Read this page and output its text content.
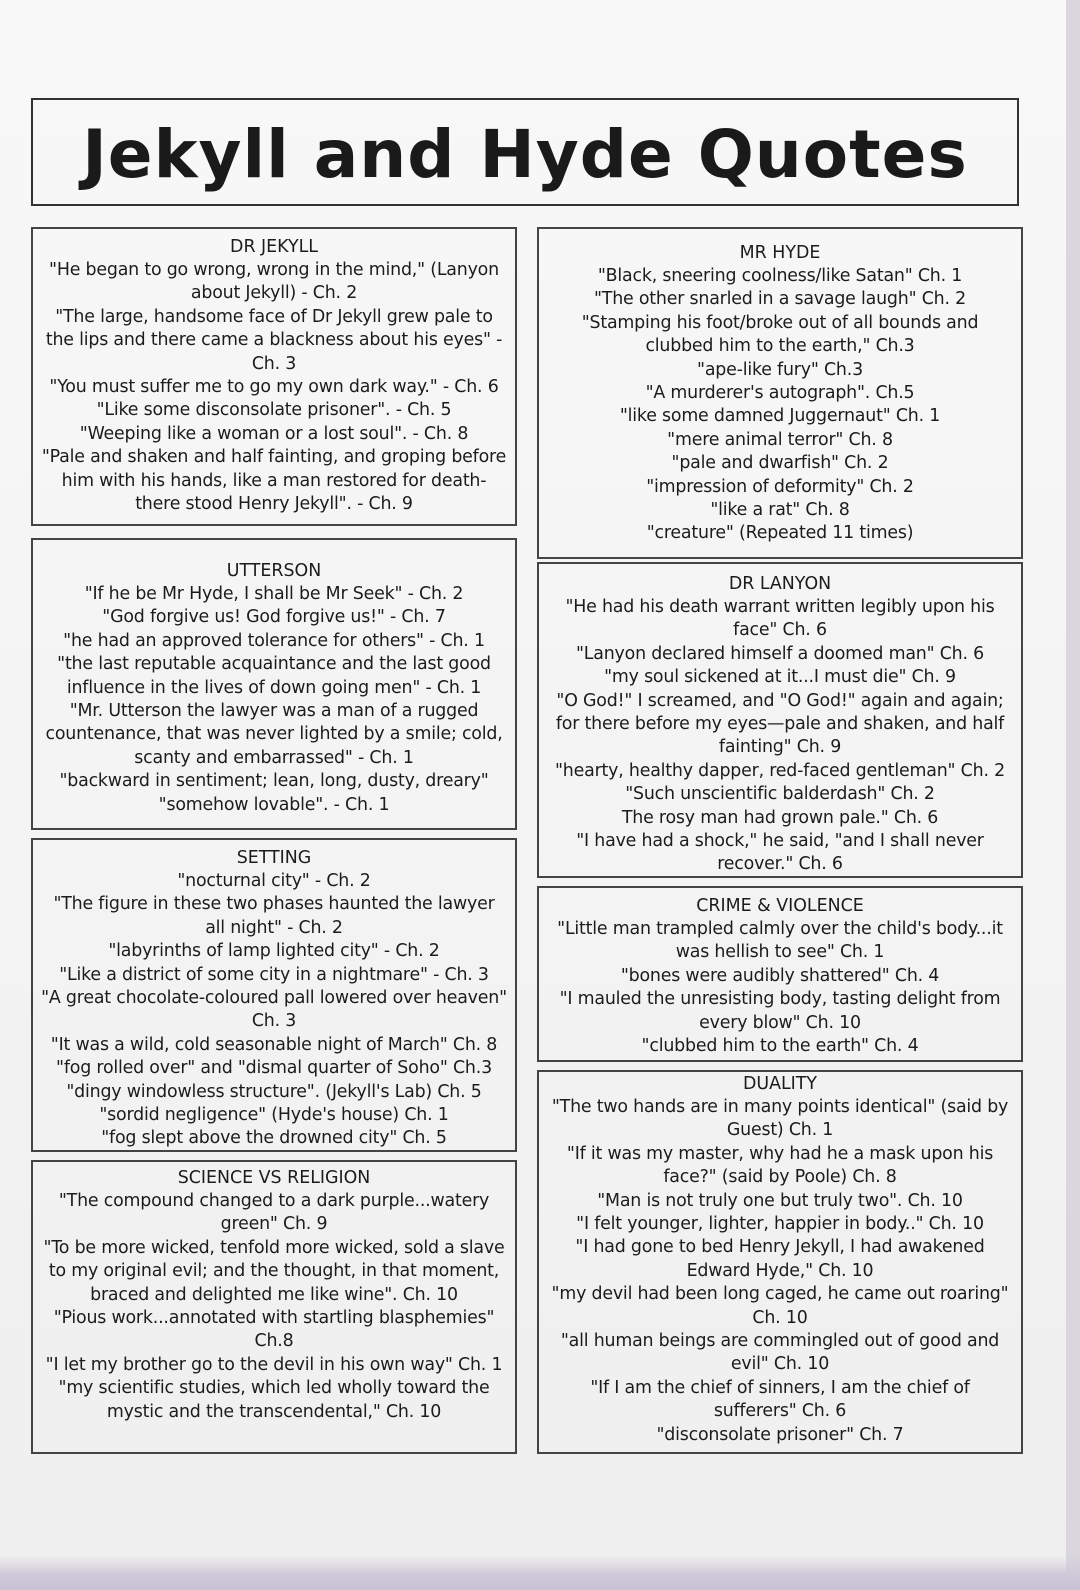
Jekyll and Hyde Quotes
DR JEKYLL
"He began to go wrong, wrong in the mind," (Lanyon about Jekyll) - Ch. 2
"The large, handsome face of Dr Jekyll grew pale to the lips and there came a blackness about his eyes" - Ch. 3
"You must suffer me to go my own dark way." - Ch. 6
"Like some disconsolate prisoner". - Ch. 5
"Weeping like a woman or a lost soul". - Ch. 8
"Pale and shaken and half fainting, and groping before him with his hands, like a man restored for death-there stood Henry Jekyll". - Ch. 9
UTTERSON
"If he be Mr Hyde, I shall be Mr Seek" - Ch. 2
"God forgive us! God forgive us!" - Ch. 7
"he had an approved tolerance for others" - Ch. 1
"the last reputable acquaintance and the last good influence in the lives of down going men" - Ch. 1
"Mr. Utterson the lawyer was a man of a rugged countenance, that was never lighted by a smile; cold, scanty and embarrassed" - Ch. 1
"backward in sentiment; lean, long, dusty, dreary"
"somehow lovable". - Ch. 1
SETTING
"nocturnal city" - Ch. 2
"The figure in these two phases haunted the lawyer all night" - Ch. 2
"labyrinths of lamp lighted city" - Ch. 2
"Like a district of some city in a nightmare" - Ch. 3
"A great chocolate-coloured pall lowered over heaven" Ch. 3
"It was a wild, cold seasonable night of March" Ch. 8
"fog rolled over" and "dismal quarter of Soho" Ch.3
"dingy windowless structure". (Jekyll's Lab) Ch. 5
"sordid negligence" (Hyde's house) Ch. 1
"fog slept above the drowned city" Ch. 5
SCIENCE VS RELIGION
"The compound changed to a dark purple...watery green" Ch. 9
"To be more wicked, tenfold more wicked, sold a slave to my original evil; and the thought, in that moment, braced and delighted me like wine". Ch. 10
"Pious work...annotated with startling blasphemies" Ch.8
"I let my brother go to the devil in his own way" Ch. 1
"my scientific studies, which led wholly toward the mystic and the transcendental," Ch. 10
MR HYDE
"Black, sneering coolness/like Satan" Ch. 1
"The other snarled in a savage laugh" Ch. 2
"Stamping his foot/broke out of all bounds and clubbed him to the earth," Ch.3
"ape-like fury" Ch.3
"A murderer's autograph". Ch.5
"like some damned Juggernaut" Ch. 1
"mere animal terror" Ch. 8
"pale and dwarfish" Ch. 2
"impression of deformity" Ch. 2
"like a rat" Ch. 8
"creature" (Repeated 11 times)
DR LANYON
"He had his death warrant written legibly upon his face" Ch. 6
"Lanyon declared himself a doomed man" Ch. 6
"my soul sickened at it...I must die" Ch. 9
"O God!" I screamed, and "O God!" again and again; for there before my eyes—pale and shaken, and half fainting" Ch. 9
"hearty, healthy dapper, red-faced gentleman" Ch. 2
"Such unscientific balderdash" Ch. 2
The rosy man had grown pale." Ch. 6
"I have had a shock," he said, "and I shall never recover." Ch. 6
CRIME & VIOLENCE
"Little man trampled calmly over the child's body...it was hellish to see" Ch. 1
"bones were audibly shattered" Ch. 4
"I mauled the unresisting body, tasting delight from every blow" Ch. 10
"clubbed him to the earth" Ch. 4
DUALITY
"The two hands are in many points identical" (said by Guest) Ch. 1
"If it was my master, why had he a mask upon his face?" (said by Poole) Ch. 8
"Man is not truly one but truly two". Ch. 10
"I felt younger, lighter, happier in body.." Ch. 10
"I had gone to bed Henry Jekyll, I had awakened Edward Hyde," Ch. 10
"my devil had been long caged, he came out roaring" Ch. 10
"all human beings are commingled out of good and evil" Ch. 10
"If I am the chief of sinners, I am the chief of sufferers" Ch. 6
"disconsolate prisoner" Ch. 7
